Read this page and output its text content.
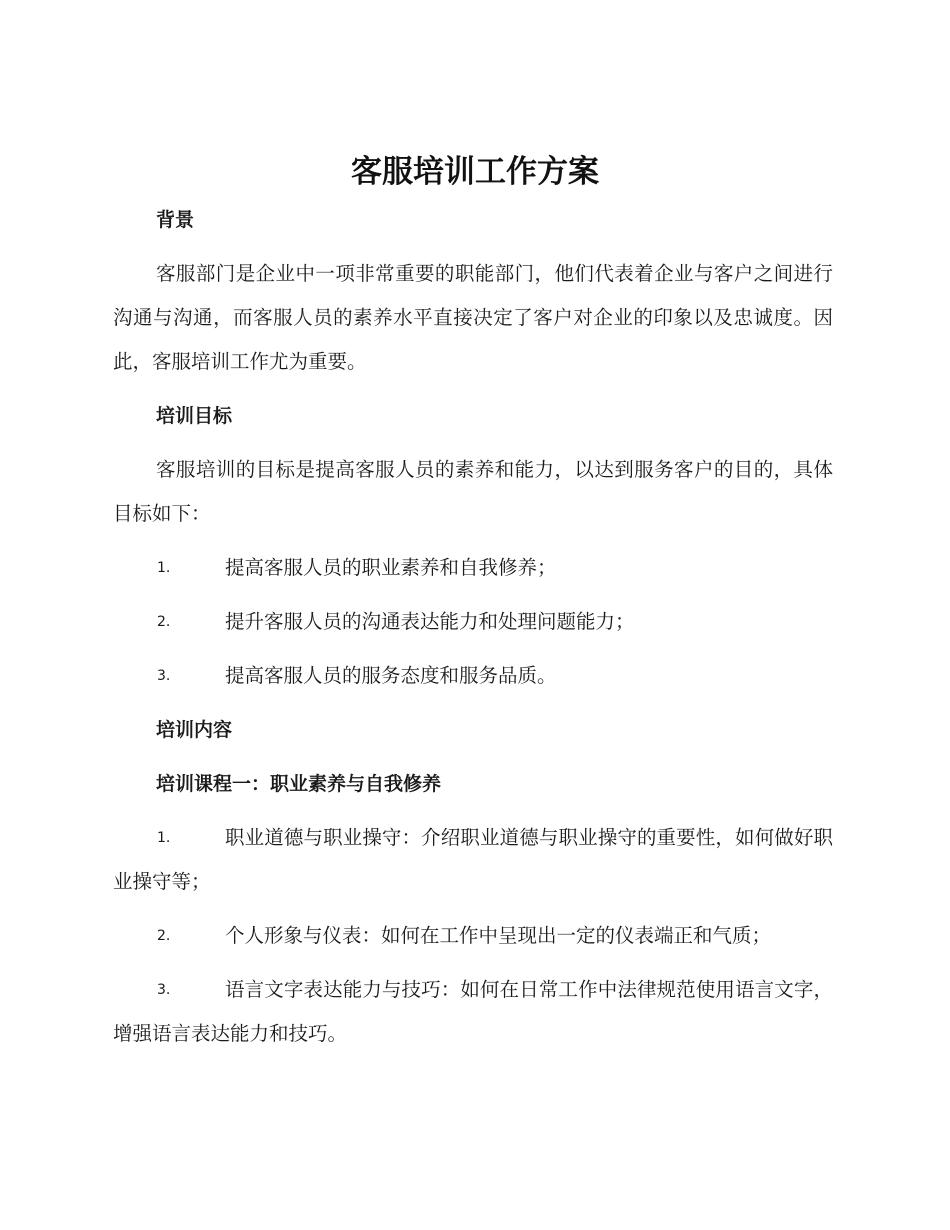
客服培训工作方案
背景

客服部门是企业中一项非常重要的职能部门，他们代表着企业与客户之间进行沟通与沟通，而客服人员的素养水平直接决定了客户对企业的印象以及忠诚度。因此，客服培训工作尤为重要。

培训目标

客服培训的目标是提高客服人员的素养和能力，以达到服务客户的目的，具体目标如下：

1.	提高客服人员的职业素养和自我修养；
2.	提升客服人员的沟通表达能力和处理问题能力；
3.	提高客服人员的服务态度和服务品质。
培训内容
培训课程一：职业素养与自我修养
1.	职业道德与职业操守：介绍职业道德与职业操守的重要性，如何做好职业操守等；
2.	个人形象与仪表：如何在工作中呈现出一定的仪表端正和气质；
3.	语言文字表达能力与技巧：如何在日常工作中法律规范使用语言文字，增强语言表达能力和技巧。
